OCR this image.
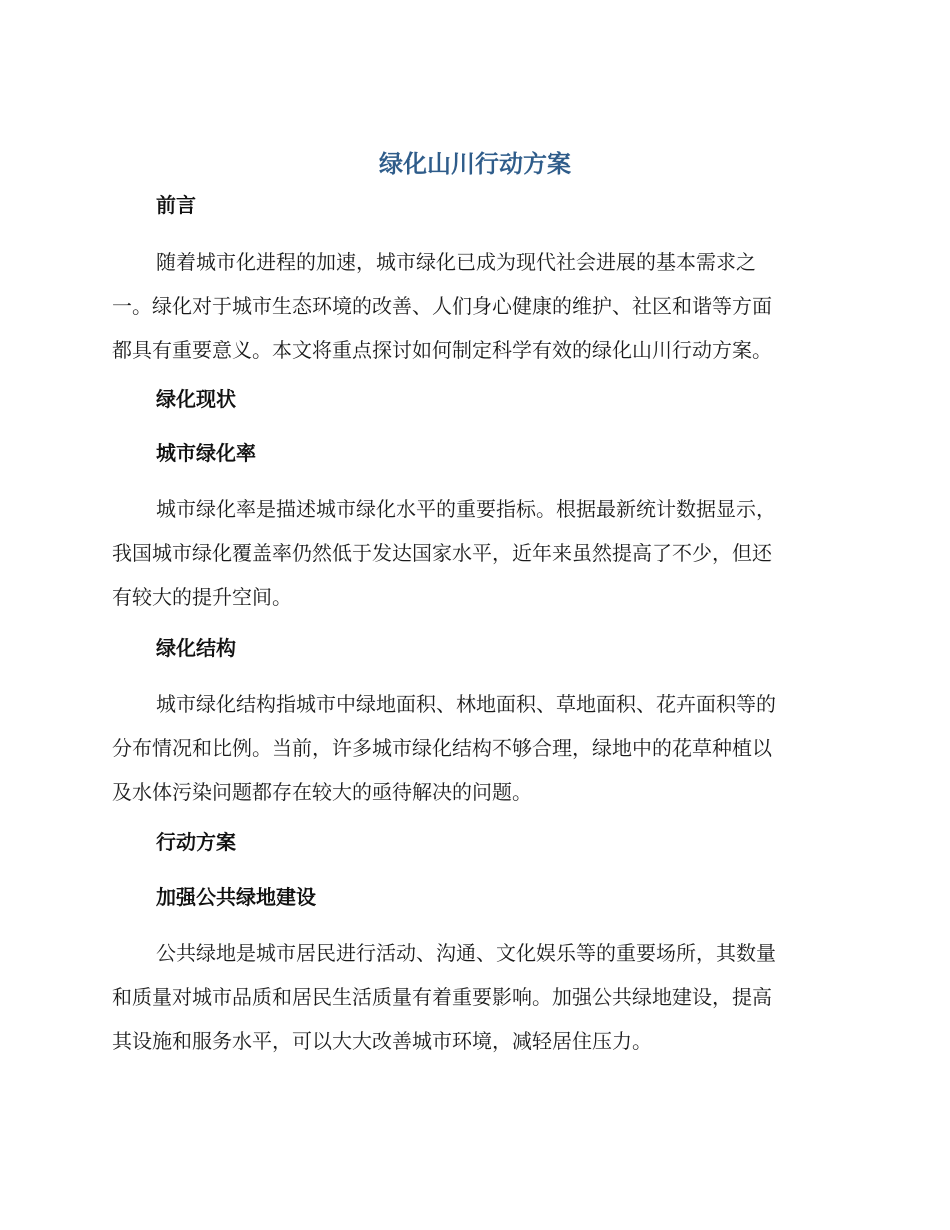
绿化山川行动方案
前言
随着城市化进程的加速，城市绿化已成为现代社会进展的基本需求之
一。绿化对于城市生态环境的改善、人们身心健康的维护、社区和谐等方面
都具有重要意义。本文将重点探讨如何制定科学有效的绿化山川行动方案。
绿化现状
城市绿化率
城市绿化率是描述城市绿化水平的重要指标。根据最新统计数据显示，
我国城市绿化覆盖率仍然低于发达国家水平，近年来虽然提高了不少，但还
有较大的提升空间。
绿化结构
城市绿化结构指城市中绿地面积、林地面积、草地面积、花卉面积等的
分布情况和比例。当前，许多城市绿化结构不够合理，绿地中的花草种植以
及水体污染问题都存在较大的亟待解决的问题。
行动方案
加强公共绿地建设
公共绿地是城市居民进行活动、沟通、文化娱乐等的重要场所，其数量
和质量对城市品质和居民生活质量有着重要影响。加强公共绿地建设，提高
其设施和服务水平，可以大大改善城市环境，减轻居住压力。
